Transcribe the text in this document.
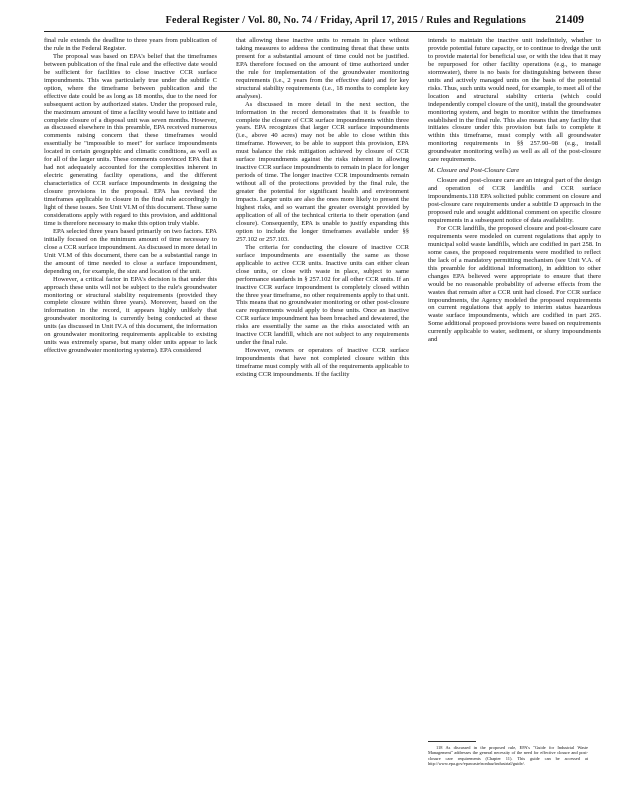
Federal Register / Vol. 80, No. 74 / Friday, April 17, 2015 / Rules and Regulations	21409

final rule extends the deadline to three years from publication of the rule in the Federal Register.

The proposal was based on EPA's belief that the timeframes between publication of the final rule and the effective date would be sufficient for facilities to close inactive CCR surface impoundments. This was particularly true under the subtitle C option, where the timeframe between publication and the effective date could be as long as 18 months, due to the need for subsequent action by authorized states. Under the proposed rule, the maximum amount of time a facility would have to initiate and complete closure of a disposal unit was seven months. However, as discussed elsewhere in this preamble, EPA received numerous comments raising concern that these timeframes would essentially be "impossible to meet" for surface impoundments located in certain geographic and climatic conditions, as well as for all of the larger units. These comments convinced EPA that it had not adequately accounted for the complexities inherent in electric generating facility operations, and the different characteristics of CCR surface impoundments in designing the closure provisions in the proposal. EPA has revised the timeframes applicable to closure in the final rule accordingly in light of these issues. See Unit VI.M of this document. These same considerations apply with regard to this provision, and additional time is therefore necessary to make this option truly viable.

EPA selected three years based primarily on two factors. EPA initially focused on the minimum amount of time necessary to close a CCR surface impoundment. As discussed in more detail in Unit VI.M of this document, there can be a substantial range in the amount of time needed to close a surface impoundment, depending on, for example, the size and location of the unit.

However, a critical factor in EPA's decision is that under this approach these units will not be subject to the rule's groundwater monitoring or structural stability requirements (provided they complete closure within three years). Moreover, based on the information in the record, it appears highly unlikely that groundwater monitoring is currently being conducted at these units (as discussed in Unit IV.A of this document, the information on groundwater monitoring requirements applicable to existing units was extremely sparse, but many older units appear to lack effective groundwater monitoring systems). EPA considered

that allowing these inactive units to remain in place without taking measures to address the continuing threat that these units present for a substantial amount of time could not be justified. EPA therefore focused on the amount of time authorized under the rule for implementation of the groundwater monitoring requirements (i.e., 2 years from the effective date) and for key structural stability requirements (i.e., 18 months to complete key analyses).

As discussed in more detail in the next section, the information in the record demonstrates that it is feasible to complete the closure of CCR surface impoundments within three years. EPA recognizes that larger CCR surface impoundments (i.e., above 40 acres) may not be able to close within this timeframe. However, to be able to support this provision, EPA must balance the risk mitigation achieved by closure of CCR surface impoundments against the risks inherent in allowing inactive CCR surface impoundments to remain in place for longer periods of time. The longer inactive CCR impoundments remain without all of the protections provided by the final rule, the greater the potential for significant health and environment impacts. Larger units are also the ones more likely to present the highest risks, and so warrant the greater oversight provided by application of all of the technical criteria to their operation (and closure). Consequently, EPA is unable to justify expanding this option to include the longer timeframes available under §§ 257.102 or 257.103.

The criteria for conducting the closure of inactive CCR surface impoundments are essentially the same as those applicable to active CCR units. Inactive units can either clean close units, or close with waste in place, subject to same performance standards in § 257.102 for all other CCR units. If an inactive CCR surface impoundment is completely closed within the three year timeframe, no other requirements apply to that unit. This means that no groundwater monitoring or other post-closure care requirements would apply to these units. Once an inactive CCR surface impoundment has been breached and dewatered, the risks are essentially the same as the risks associated with an inactive CCR landfill, which are not subject to any requirements under the final rule.

However, owners or operators of inactive CCR surface impoundments that have not completed closure within this timeframe must comply with all of the requirements applicable to existing CCR impoundments. If the facility

intends to maintain the inactive unit indefinitely, whether to provide potential future capacity, or to continue to dredge the unit to provide material for beneficial use, or with the idea that it may be repurposed for other facility operations (e.g., to manage stormwater), there is no basis for distinguishing between these units and actively managed units on the basis of the potential risks. Thus, such units would need, for example, to meet all of the location and structural stability criteria (which could independently compel closure of the unit), install the groundwater monitoring system, and begin to monitor within the timeframes established in the final rule. This also means that any facility that initiates closure under this provision but fails to complete it within this timeframe, must comply with all groundwater monitoring requirements in §§ 257.90–98 (e.g., install groundwater monitoring wells) as well as all of the post-closure care requirements.

M. Closure and Post-Closure Care

Closure and post-closure care are an integral part of the design and operation of CCR landfills and CCR surface impoundments.118 EPA solicited public comment on closure and post-closure care requirements under a subtitle D approach in the proposed rule and sought additional comment on specific closure requirements in a subsequent notice of data availability.

For CCR landfills, the proposed closure and post-closure care requirements were modeled on current regulations that apply to municipal solid waste landfills, which are codified in part 258. In some cases, the proposed requirements were modified to reflect the lack of a mandatory permitting mechanism (see Unit V.A. of this preamble for additional information), in addition to other changes EPA believed were appropriate to ensure that there would be no reasonable probability of adverse effects from the wastes that remain after a CCR unit had closed. For CCR surface impoundments, the Agency modeled the proposed requirements on current regulations that apply to interim status hazardous waste surface impoundments, which are codified in part 265. Some additional proposed provisions were based on requirements currently applicable to water, sediment, or slurry impoundments and

118 As discussed in the proposed rule, EPA's "Guide for Industrial Waste Management" addresses the general necessity of the need for effective closure and post-closure care requirements (Chapter 11). This guide can be accessed at http://www.epa.gov/epawaste/nonhaz/industrial/guide/.
